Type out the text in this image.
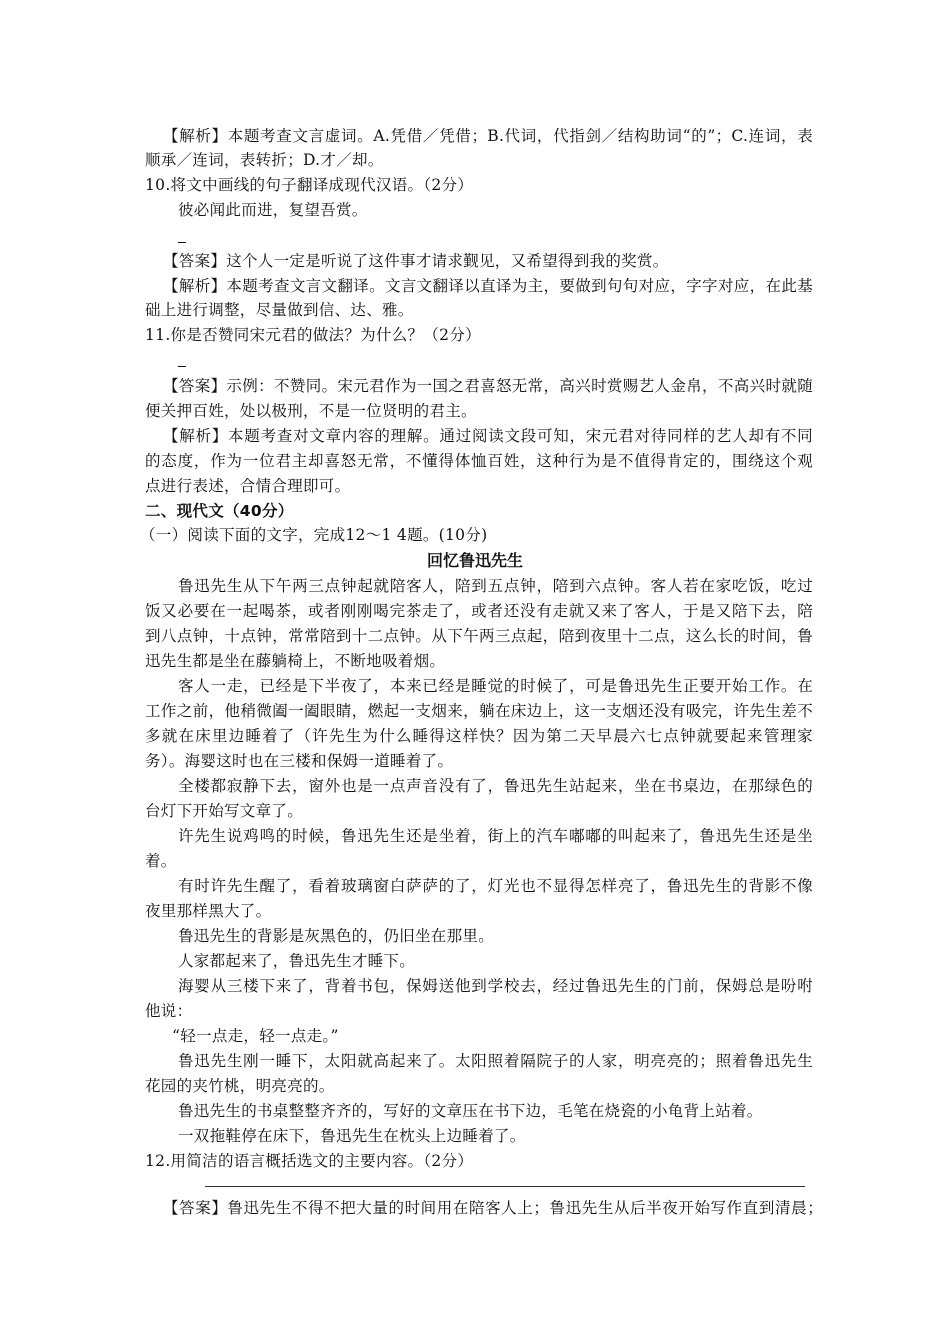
【解析】本题考查文言虚词。A.凭借／凭借；B.代词，代指剑／结构助词“的”；C.连词，表
顺承／连词，表转折；D.才／却。
10.将文中画线的句子翻译成现代汉语。（2分）
彼必闻此而进，复望吾赏。
【答案】这个人一定是听说了这件事才请求觐见，又希望得到我的奖赏。
【解析】本题考查文言文翻译。文言文翻译以直译为主，要做到句句对应，字字对应，在此基
础上进行调整，尽量做到信、达、雅。
11.你是否赞同宋元君的做法？为什么？（2分）
【答案】示例：不赞同。宋元君作为一国之君喜怒无常，高兴时赏赐艺人金帛，不高兴时就随
便关押百姓，处以极刑，不是一位贤明的君主。
【解析】本题考查对文章内容的理解。通过阅读文段可知，宋元君对待同样的艺人却有不同
的态度，作为一位君主却喜怒无常，不懂得体恤百姓，这种行为是不值得肯定的，围绕这个观
点进行表述，合情合理即可。
二、现代文（40分）
（一）阅读下面的文字，完成12～1 4题。(10分)
回忆鲁迅先生
鲁迅先生从下午两三点钟起就陪客人，陪到五点钟，陪到六点钟。客人若在家吃饭，吃过
饭又必要在一起喝茶，或者刚刚喝完茶走了，或者还没有走就又来了客人，于是又陪下去，陪
到八点钟，十点钟，常常陪到十二点钟。从下午两三点起，陪到夜里十二点，这么长的时间，鲁
迅先生都是坐在藤躺椅上，不断地吸着烟。
客人一走，已经是下半夜了，本来已经是睡觉的时候了，可是鲁迅先生正要开始工作。在
工作之前，他稍微阖一阖眼睛，燃起一支烟来，躺在床边上，这一支烟还没有吸完，许先生差不
多就在床里边睡着了（许先生为什么睡得这样快？因为第二天早晨六七点钟就要起来管理家
务）。海婴这时也在三楼和保姆一道睡着了。
全楼都寂静下去，窗外也是一点声音没有了，鲁迅先生站起来，坐在书桌边，在那绿色的
台灯下开始写文章了。
许先生说鸡鸣的时候，鲁迅先生还是坐着，街上的汽车嘟嘟的叫起来了，鲁迅先生还是坐
着。
有时许先生醒了，看着玻璃窗白萨萨的了，灯光也不显得怎样亮了，鲁迅先生的背影不像
夜里那样黑大了。
鲁迅先生的背影是灰黑色的，仍旧坐在那里。
人家都起来了，鲁迅先生才睡下。
海婴从三楼下来了，背着书包，保姆送他到学校去，经过鲁迅先生的门前，保姆总是吩咐
他说：
“轻一点走，轻一点走。”
鲁迅先生刚一睡下，太阳就高起来了。太阳照着隔院子的人家，明亮亮的；照着鲁迅先生
花园的夹竹桃，明亮亮的。
鲁迅先生的书桌整整齐齐的，写好的文章压在书下边，毛笔在烧瓷的小龟背上站着。
一双拖鞋停在床下，鲁迅先生在枕头上边睡着了。
12.用简洁的语言概括选文的主要内容。（2分）
【答案】鲁迅先生不得不把大量的时间用在陪客人上；鲁迅先生从后半夜开始写作直到清晨；
